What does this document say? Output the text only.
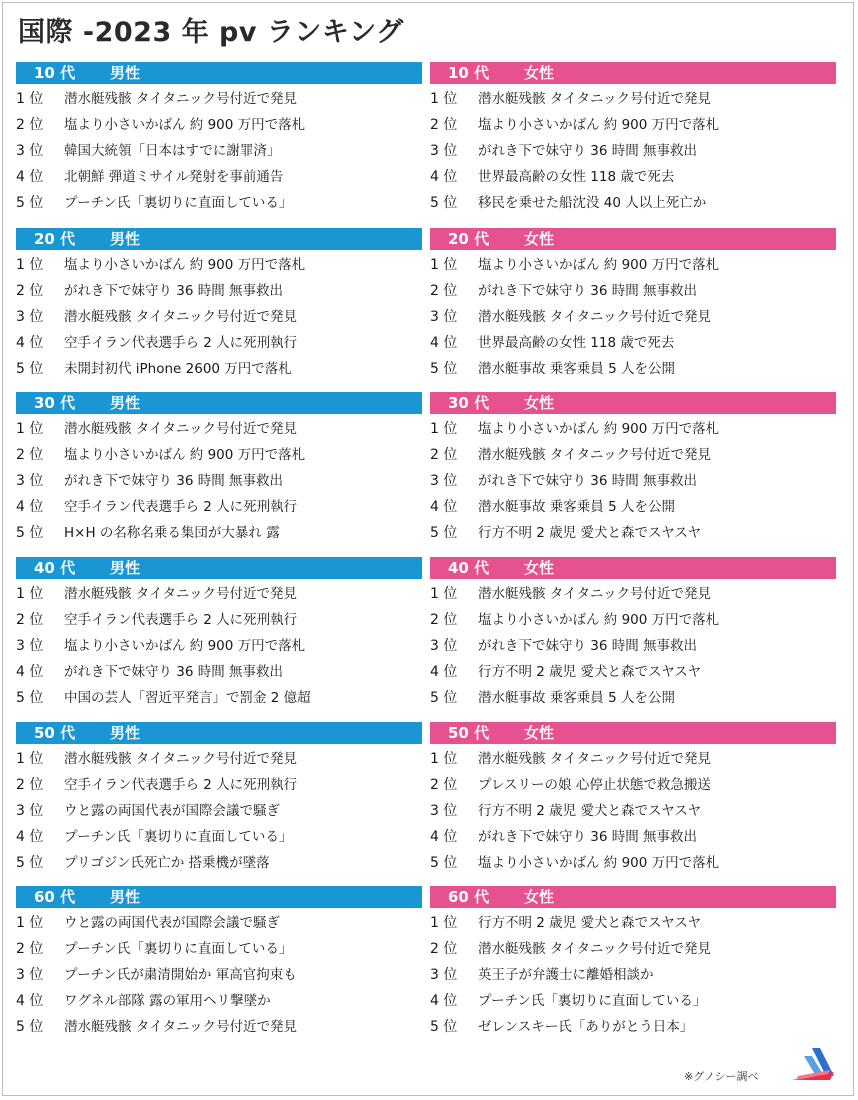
国際 -2023 年 pv ランキング
10 代 男性
1 位	潜水艇残骸 タイタニック号付近で発見
2 位	塩より小さいかばん 約 900 万円で落札
3 位	韓国大統領「日本はすでに謝罪済」
4 位	北朝鮮 弾道ミサイル発射を事前通告
5 位	プーチン氏「裏切りに直面している」
10 代 女性
1 位	潜水艇残骸 タイタニック号付近で発見
2 位	塩より小さいかばん 約 900 万円で落札
3 位	がれき下で妹守り 36 時間 無事救出
4 位	世界最高齢の女性 118 歳で死去
5 位	移民を乗せた船沈没 40 人以上死亡か
20 代 男性
1 位	塩より小さいかばん 約 900 万円で落札
2 位	がれき下で妹守り 36 時間 無事救出
3 位	潜水艇残骸 タイタニック号付近で発見
4 位	空手イラン代表選手ら 2 人に死刑執行
5 位	未開封初代 iPhone 2600 万円で落札
20 代 女性
1 位	塩より小さいかばん 約 900 万円で落札
2 位	がれき下で妹守り 36 時間 無事救出
3 位	潜水艇残骸 タイタニック号付近で発見
4 位	世界最高齢の女性 118 歳で死去
5 位	潜水艇事故 乗客乗員 5 人を公開
30 代 男性
1 位	潜水艇残骸 タイタニック号付近で発見
2 位	塩より小さいかばん 約 900 万円で落札
3 位	がれき下で妹守り 36 時間 無事救出
4 位	空手イラン代表選手ら 2 人に死刑執行
5 位	H×H の名称名乗る集団が大暴れ 露
30 代 女性
1 位	塩より小さいかばん 約 900 万円で落札
2 位	潜水艇残骸 タイタニック号付近で発見
3 位	がれき下で妹守り 36 時間 無事救出
4 位	潜水艇事故 乗客乗員 5 人を公開
5 位	行方不明 2 歳児 愛犬と森でスヤスヤ
40 代 男性
1 位	潜水艇残骸 タイタニック号付近で発見
2 位	空手イラン代表選手ら 2 人に死刑執行
3 位	塩より小さいかばん 約 900 万円で落札
4 位	がれき下で妹守り 36 時間 無事救出
5 位	中国の芸人「習近平発言」で罰金 2 億超
40 代 女性
1 位	潜水艇残骸 タイタニック号付近で発見
2 位	塩より小さいかばん 約 900 万円で落札
3 位	がれき下で妹守り 36 時間 無事救出
4 位	行方不明 2 歳児 愛犬と森でスヤスヤ
5 位	潜水艇事故 乗客乗員 5 人を公開
50 代 男性
1 位	潜水艇残骸 タイタニック号付近で発見
2 位	空手イラン代表選手ら 2 人に死刑執行
3 位	ウと露の両国代表が国際会議で騒ぎ
4 位	プーチン氏「裏切りに直面している」
5 位	プリゴジン氏死亡か 搭乗機が墜落
50 代 女性
1 位	潜水艇残骸 タイタニック号付近で発見
2 位	プレスリーの娘 心停止状態で救急搬送
3 位	行方不明 2 歳児 愛犬と森でスヤスヤ
4 位	がれき下で妹守り 36 時間 無事救出
5 位	塩より小さいかばん 約 900 万円で落札
60 代 男性
1 位	ウと露の両国代表が国際会議で騒ぎ
2 位	プーチン氏「裏切りに直面している」
3 位	プーチン氏が粛清開始か 軍高官拘束も
4 位	ワグネル部隊 露の軍用ヘリ撃墜か
5 位	潜水艇残骸 タイタニック号付近で発見
60 代 女性
1 位	行方不明 2 歳児 愛犬と森でスヤスヤ
2 位	潜水艇残骸 タイタニック号付近で発見
3 位	英王子が弁護士に離婚相談か
4 位	プーチン氏「裏切りに直面している」
5 位	ゼレンスキー氏「ありがとう日本」
※グノシー調べ
